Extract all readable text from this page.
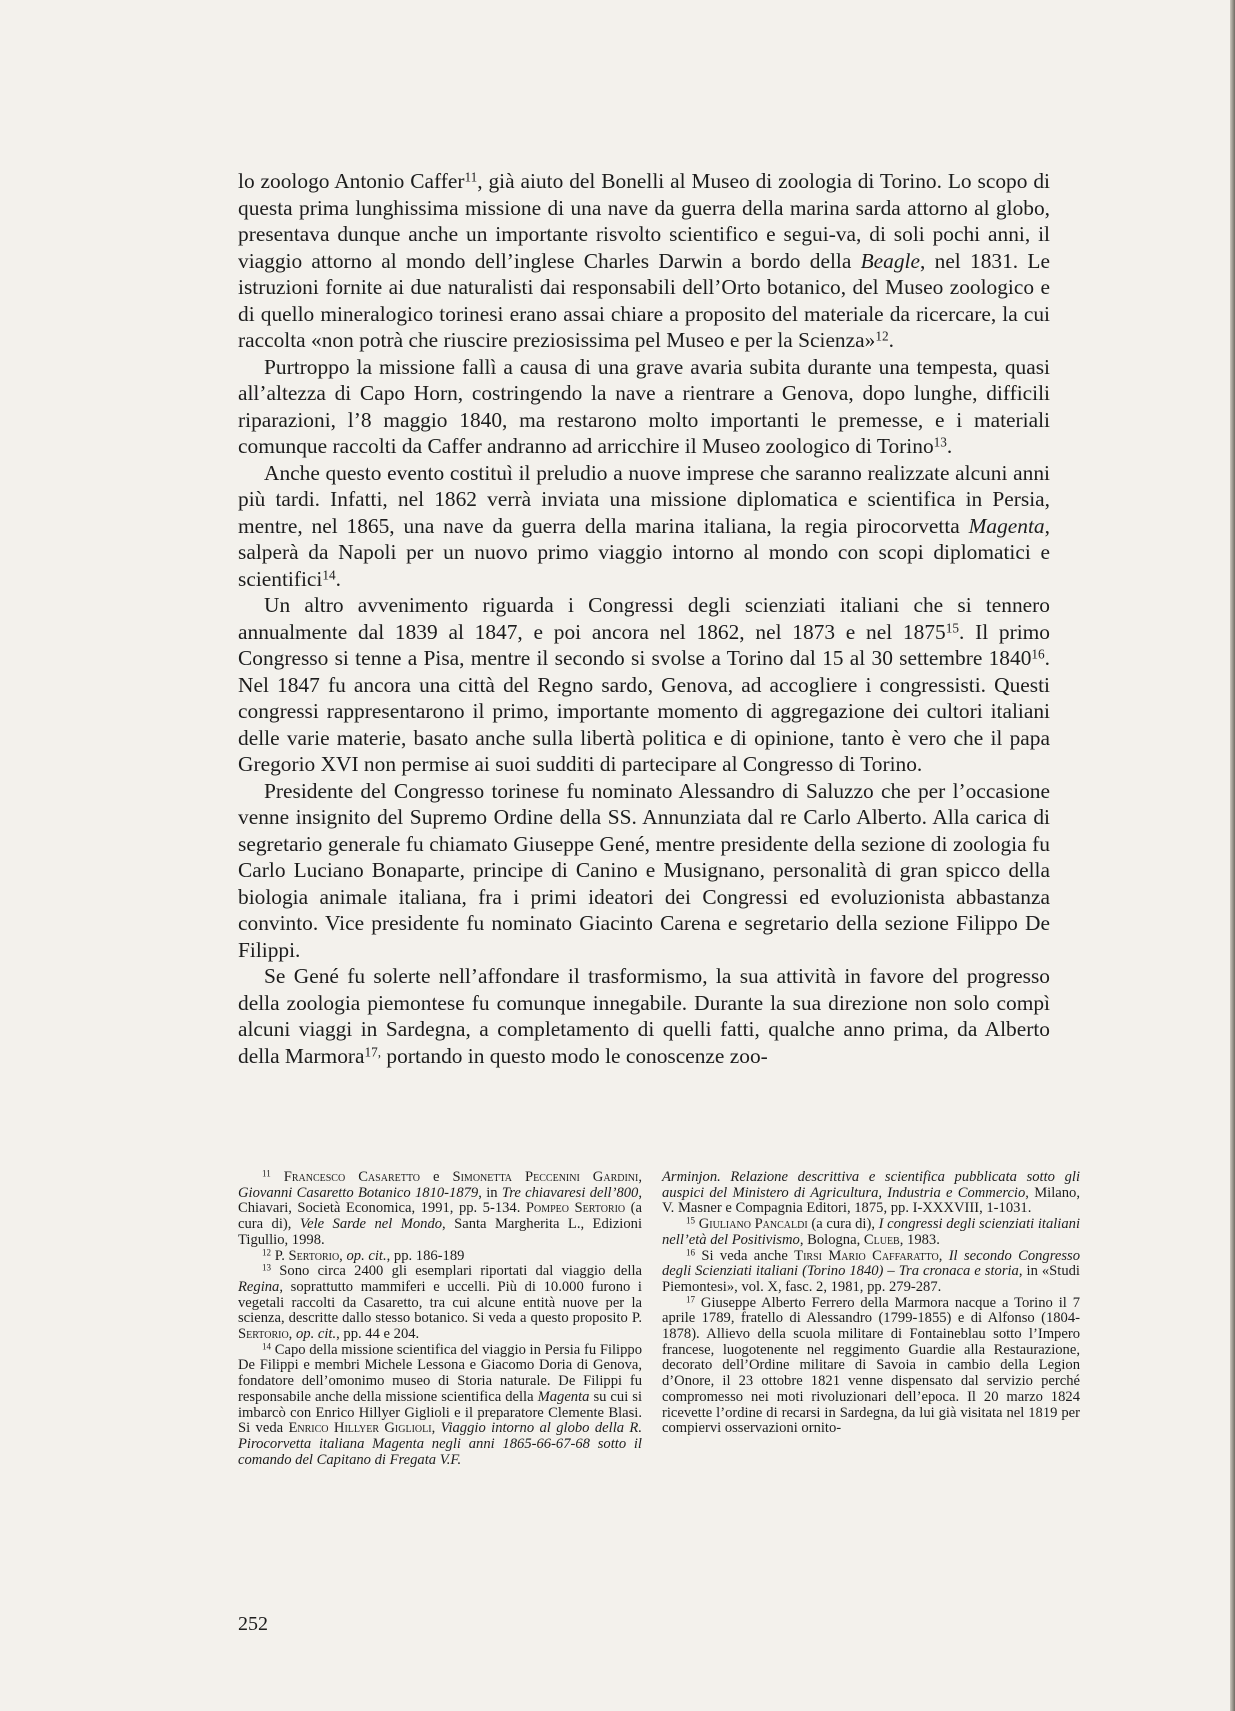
lo zoologo Antonio Caffer$^{11}$, già aiuto del Bonelli al Museo di zoologia di Torino. Lo scopo di questa prima lunghissima missione di una nave da guerra della marina sarda attorno al globo, presentava dunque anche un importante risvolto scientifico e segui-va, di soli pochi anni, il viaggio attorno al mondo dell’inglese Charles Darwin a bordo della Beagle, nel 1831. Le istruzioni fornite ai due naturalisti dai responsabili dell’Orto botanico, del Museo zoologico e di quello mineralogico torinesi erano assai chiare a proposito del materiale da ricercare, la cui raccolta «non potrà che riuscire preziosissima pel Museo e per la Scienza»$^{12}$.

Purtroppo la missione fallì a causa di una grave avaria subita durante una tempesta, quasi all’altezza di Capo Horn, costringendo la nave a rientrare a Genova, dopo lunghe, difficili riparazioni, l’8 maggio 1840, ma restarono molto importanti le premesse, e i materiali comunque raccolti da Caffer andranno ad arricchire il Museo zoologico di Torino$^{13}$.

Anche questo evento costituì il preludio a nuove imprese che saranno realizzate alcuni anni più tardi. Infatti, nel 1862 verrà inviata una missione diplomatica e scientifica in Persia, mentre, nel 1865, una nave da guerra della marina italiana, la regia pirocorvetta Magenta, salperà da Napoli per un nuovo primo viaggio intorno al mondo con scopi diplomatici e scientifici$^{14}$.

Un altro avvenimento riguarda i Congressi degli scienziati italiani che si tennero annualmente dal 1839 al 1847, e poi ancora nel 1862, nel 1873 e nel 1875$^{15}$. Il primo Congresso si tenne a Pisa, mentre il secondo si svolse a Torino dal 15 al 30 settembre 1840$^{16}$. Nel 1847 fu ancora una città del Regno sardo, Genova, ad accogliere i congressisti. Questi congressi rappresentarono il primo, importante momento di aggregazione dei cultori italiani delle varie materie, basato anche sulla libertà politica e di opinione, tanto è vero che il papa Gregorio XVI non permise ai suoi sudditi di partecipare al Congresso di Torino.

Presidente del Congresso torinese fu nominato Alessandro di Saluzzo che per l’occasione venne insignito del Supremo Ordine della SS. Annunziata dal re Carlo Alberto. Alla carica di segretario generale fu chiamato Giuseppe Gené, mentre presidente della sezione di zoologia fu Carlo Luciano Bonaparte, principe di Canino e Musignano, personalità di gran spicco della biologia animale italiana, fra i primi ideatori dei Congressi ed evoluzionista abbastanza convinto. Vice presidente fu nominato Giacinto Carena e segretario della sezione Filippo De Filippi.

Se Gené fu solerte nell’affondare il trasformismo, la sua attività in favore del progresso della zoologia piemontese fu comunque innegabile. Durante la sua direzione non solo compì alcuni viaggi in Sardegna, a completamento di quelli fatti, qualche anno prima, da Alberto della Marmora$^{17,}$ portando in questo modo le conoscenze zoo-

$^{11}$ Francesco Casaretto e Simonetta Peccenini Gardini, Giovanni Casaretto Botanico 1810-1879, in Tre chiavaresi dell’800, Chiavari, Società Economica, 1991, pp. 5-134. Pompeo Sertorio (a cura di), Vele Sarde nel Mondo, Santa Margherita L., Edizioni Tigullio, 1998.

$^{12}$ P. Sertorio, op. cit., pp. 186-189

$^{13}$ Sono circa 2400 gli esemplari riportati dal viaggio della Regina, soprattutto mammiferi e uccelli. Più di 10.000 furono i vegetali raccolti da Casaretto, tra cui alcune entità nuove per la scienza, descritte dallo stesso botanico. Si veda a questo proposito P. Sertorio, op. cit., pp. 44 e 204.

$^{14}$ Capo della missione scientifica del viaggio in Persia fu Filippo De Filippi e membri Michele Lessona e Giacomo Doria di Genova, fondatore dell’omonimo museo di Storia naturale. De Filippi fu responsabile anche della missione scientifica della Magenta su cui si imbarcò con Enrico Hillyer Giglioli e il preparatore Clemente Blasi. Si veda Enrico Hillyer Giglioli, Viaggio intorno al globo della R. Pirocorvetta italiana Magenta negli anni 1865-66-67-68 sotto il comando del Capitano di Fregata V.F.

Arminjon. Relazione descrittiva e scientifica pubblicata sotto gli auspici del Ministero di Agricultura, Industria e Commercio, Milano, V. Masner e Compagnia Editori, 1875, pp. I-XXXVIII, 1-1031.

$^{15}$ Giuliano Pancaldi (a cura di), I congressi degli scienziati italiani nell’età del Positivismo, Bologna, Clueb, 1983.

$^{16}$ Si veda anche Tirsi Mario Caffaratto, Il secondo Congresso degli Scienziati italiani (Torino 1840) – Tra cronaca e storia, in «Studi Piemontesi», vol. X, fasc. 2, 1981, pp. 279-287.

$^{17}$ Giuseppe Alberto Ferrero della Marmora nacque a Torino il 7 aprile 1789, fratello di Alessandro (1799-1855) e di Alfonso (1804-1878). Allievo della scuola militare di Fontaineblau sotto l’Impero francese, luogotenente nel reggimento Guardie alla Restaurazione, decorato dell’Ordine militare di Savoia in cambio della Legion d’Onore, il 23 ottobre 1821 venne dispensato dal servizio perché compromesso nei moti rivoluzionari dell’epoca. Il 20 marzo 1824 ricevette l’ordine di recarsi in Sardegna, da lui già visitata nel 1819 per compiervi osservazioni ornito-

252
